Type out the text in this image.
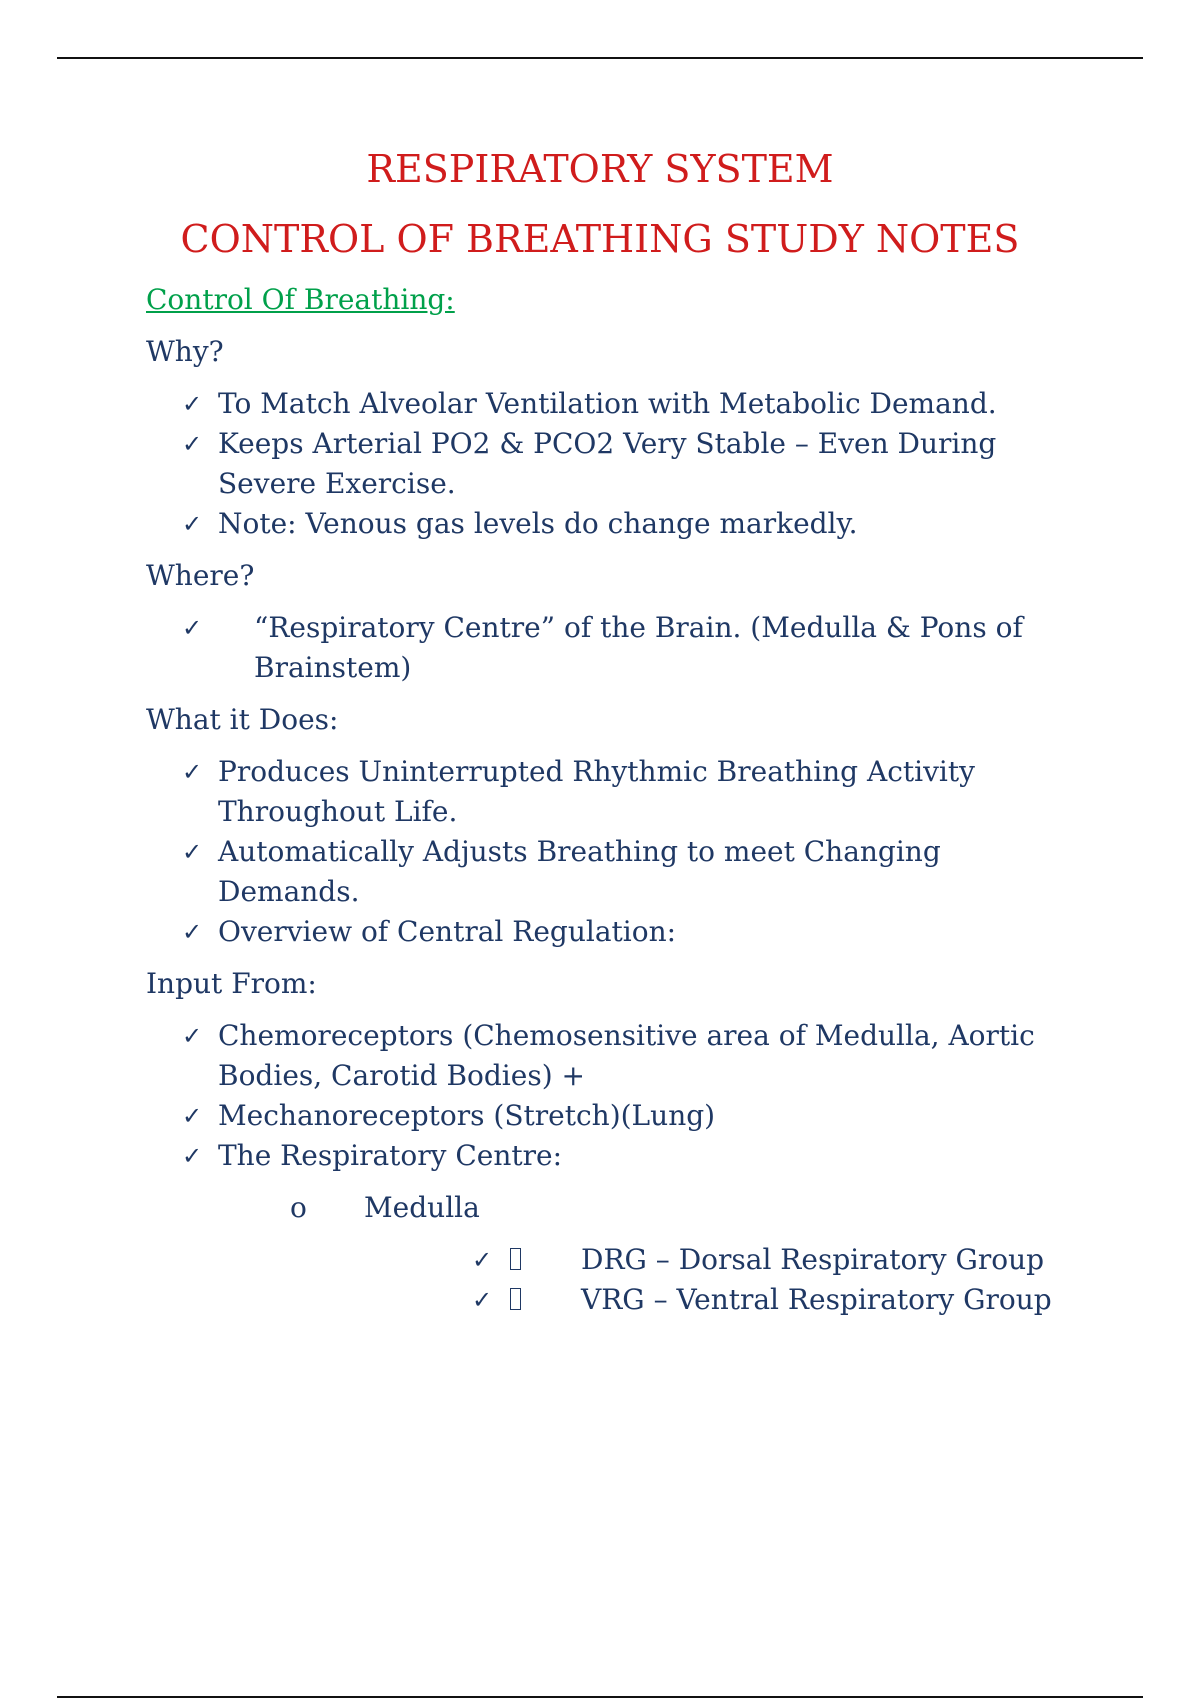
RESPIRATORY SYSTEM
CONTROL OF BREATHING STUDY NOTES
Control Of Breathing:
Why?
✓ To Match Alveolar Ventilation with Metabolic Demand.
✓ Keeps Arterial PO2 & PCO2 Very Stable – Even During Severe Exercise.
✓ Note: Venous gas levels do change markedly.
Where?
✓ “Respiratory Centre” of the Brain. (Medulla & Pons of Brainstem)
What it Does:
✓ Produces Uninterrupted Rhythmic Breathing Activity Throughout Life.
✓ Automatically Adjusts Breathing to meet Changing Demands.
✓ Overview of Central Regulation:
Input From:
✓ Chemoreceptors (Chemosensitive area of Medulla, Aortic Bodies, Carotid Bodies) +
✓ Mechanoreceptors (Stretch)(Lung)
✓ The Respiratory Centre:
o Medulla
✓	DRG – Dorsal Respiratory Group
✓	VRG – Ventral Respiratory Group
